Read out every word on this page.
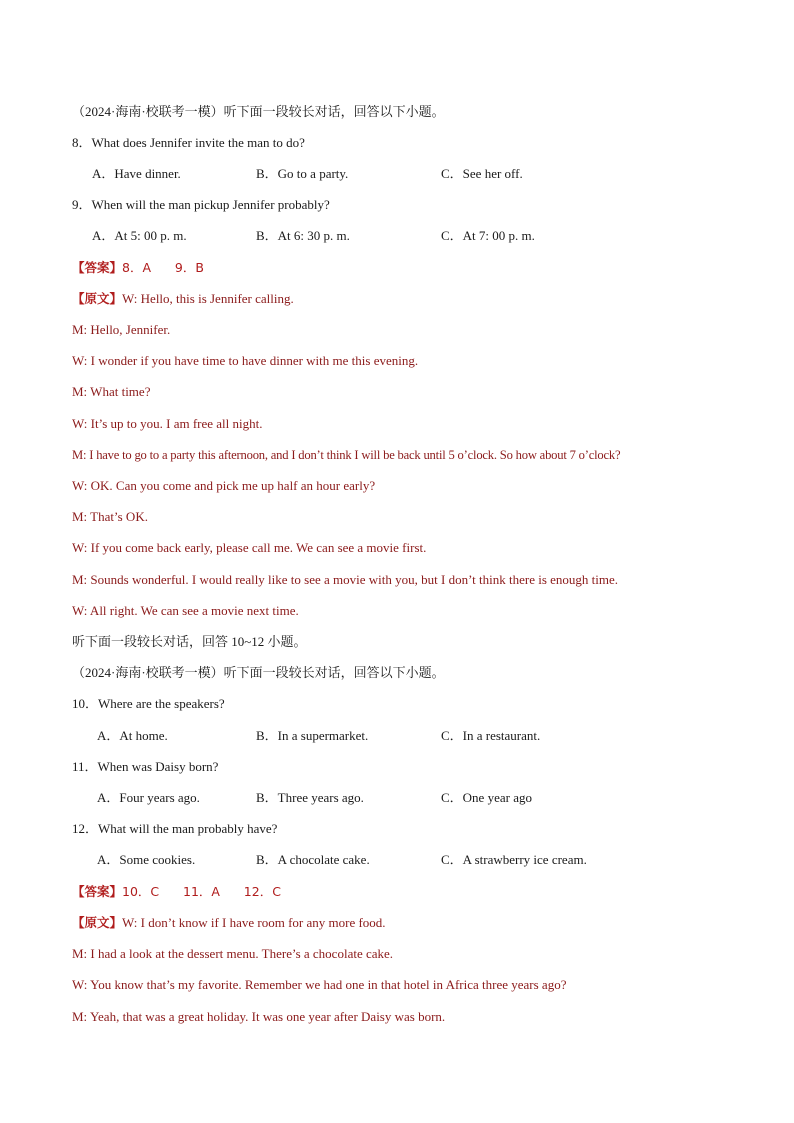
（2024·海南·校联考一模）听下面一段较长对话，回答以下小题。
8．What does Jennifer invite the man to do?
A．Have dinner.	B．Go to a party.	C．See her off.
9．When will the man pickup Jennifer probably?
A．At 5: 00 p. m.	B．At 6: 30 p. m.	C．At 7: 00 p. m.
【答案】8．A      9．B
【原文】W: Hello, this is Jennifer calling.
M: Hello, Jennifer.
W: I wonder if you have time to have dinner with me this evening.
M: What time?
W: It’s up to you. I am free all night.
M: I have to go to a party this afternoon, and I don’t think I will be back until 5 o’clock. So how about 7 o’clock?
W: OK. Can you come and pick me up half an hour early?
M: That’s OK.
W: If you come back early, please call me. We can see a movie first.
M: Sounds wonderful. I would really like to see a movie with you, but I don’t think there is enough time.
W: All right. We can see a movie next time.
听下面一段较长对话，回答 10~12 小题。
（2024·海南·校联考一模）听下面一段较长对话，回答以下小题。
10．Where are the speakers?
A．At home.	B．In a supermarket.	C．In a restaurant.
11．When was Daisy born?
A．Four years ago.	B．Three years ago.	C．One year ago
12．What will the man probably have?
A．Some cookies.	B．A chocolate cake.	C．A strawberry ice cream.
【答案】10．C      11．A      12．C
【原文】W: I don’t know if I have room for any more food.
M: I had a look at the dessert menu. There’s a chocolate cake.
W: You know that’s my favorite. Remember we had one in that hotel in Africa three years ago?
M: Yeah, that was a great holiday. It was one year after Daisy was born.
